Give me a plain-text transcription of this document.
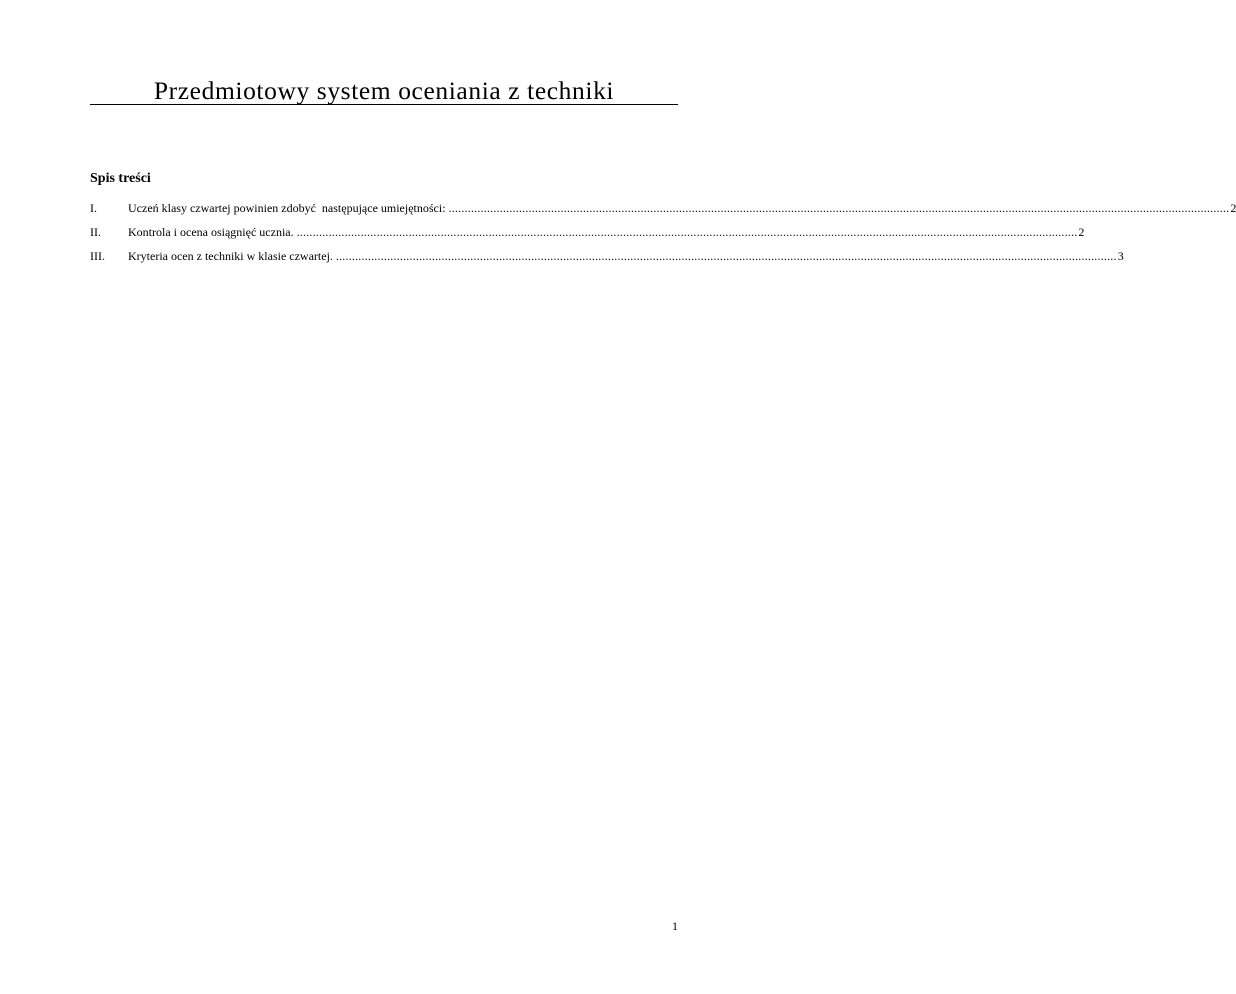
Przedmiotowy system oceniania z techniki
Spis treści
I.	Uczeń klasy czwartej powinien zdobyć  następujące umiejętności: .................................................................................................................................................................................................................................................... 2
II.	Kontrola i ocena osiągnięć ucznia. .................................................................................................................................................................................................................................................... 2
III.	Kryteria ocen z techniki w klasie czwartej. .................................................................................................................................................................................................................................................... 3
1
